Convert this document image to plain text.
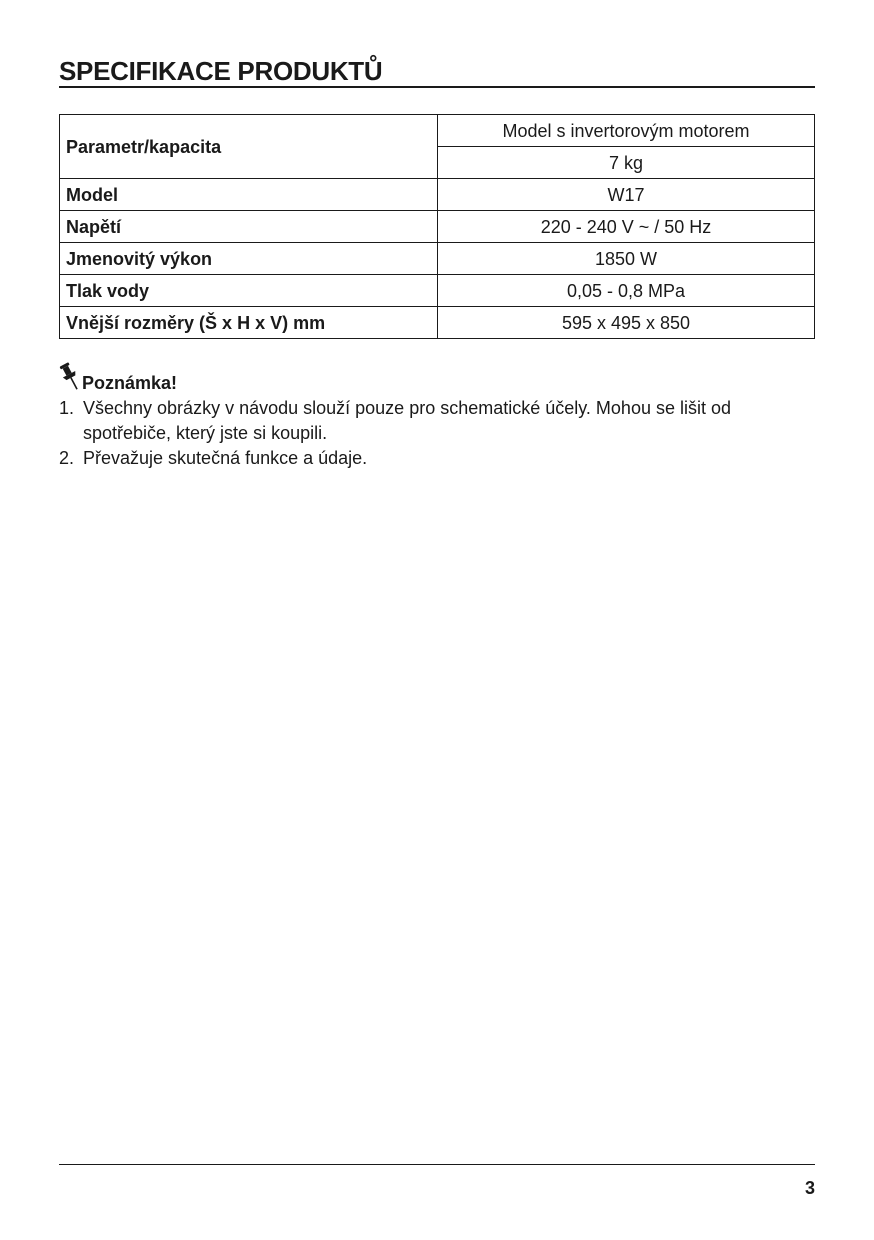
SPECIFIKACE PRODUKTŮ
Parametr/kapacita	Model s invertorovým motorem
	7 kg
Model	W17
Napětí	220 - 240 V ~ / 50 Hz
Jmenovitý výkon	1850 W
Tlak vody	0,05 - 0,8 MPa
Vnější rozměry (Š x H x V) mm	595 x 495 x 850
Poznámka!
1. Všechny obrázky v návodu slouží pouze pro schematické účely. Mohou se lišit od spotřebiče, který jste si koupili.
2. Převažuje skutečná funkce a údaje.
3
